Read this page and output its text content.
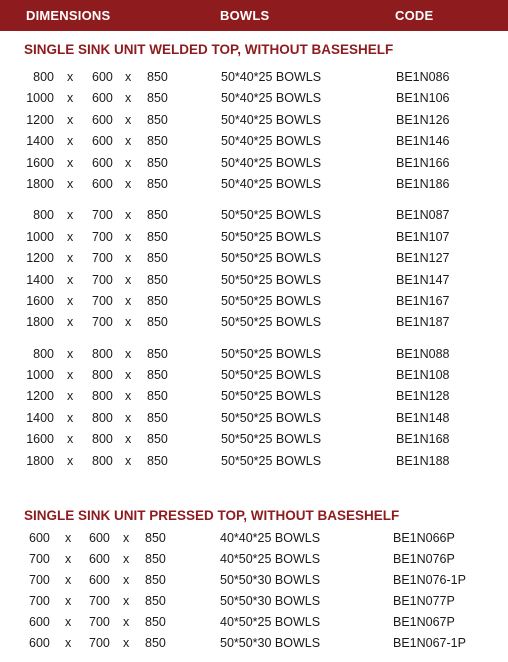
DIMENSIONS	BOWLS	CODE
SINGLE SINK UNIT WELDED TOP, WITHOUT BASESHELF
800 x 600 x 850	50*40*25 BOWLS	BE1N086
1000 x 600 x 850	50*40*25 BOWLS	BE1N106
1200 x 600 x 850	50*40*25 BOWLS	BE1N126
1400 x 600 x 850	50*40*25 BOWLS	BE1N146
1600 x 600 x 850	50*40*25 BOWLS	BE1N166
1800 x 600 x 850	50*40*25 BOWLS	BE1N186
800 x 700 x 850	50*50*25 BOWLS	BE1N087
1000 x 700 x 850	50*50*25 BOWLS	BE1N107
1200 x 700 x 850	50*50*25 BOWLS	BE1N127
1400 x 700 x 850	50*50*25 BOWLS	BE1N147
1600 x 700 x 850	50*50*25 BOWLS	BE1N167
1800 x 700 x 850	50*50*25 BOWLS	BE1N187
800 x 800 x 850	50*50*25 BOWLS	BE1N088
1000 x 800 x 850	50*50*25 BOWLS	BE1N108
1200 x 800 x 850	50*50*25 BOWLS	BE1N128
1400 x 800 x 850	50*50*25 BOWLS	BE1N148
1600 x 800 x 850	50*50*25 BOWLS	BE1N168
1800 x 800 x 850	50*50*25 BOWLS	BE1N188
SINGLE SINK UNIT PRESSED TOP, WITHOUT BASESHELF
600 x 600 x 850	40*40*25 BOWLS	BE1N066P
700 x 600 x 850	40*50*25 BOWLS	BE1N076P
700 x 600 x 850	50*50*30 BOWLS	BE1N076-1P
700 x 700 x 850	50*50*30 BOWLS	BE1N077P
600 x 700 x 850	40*50*25 BOWLS	BE1N067P
600 x 700 x 850	50*50*30 BOWLS	BE1N067-1P
